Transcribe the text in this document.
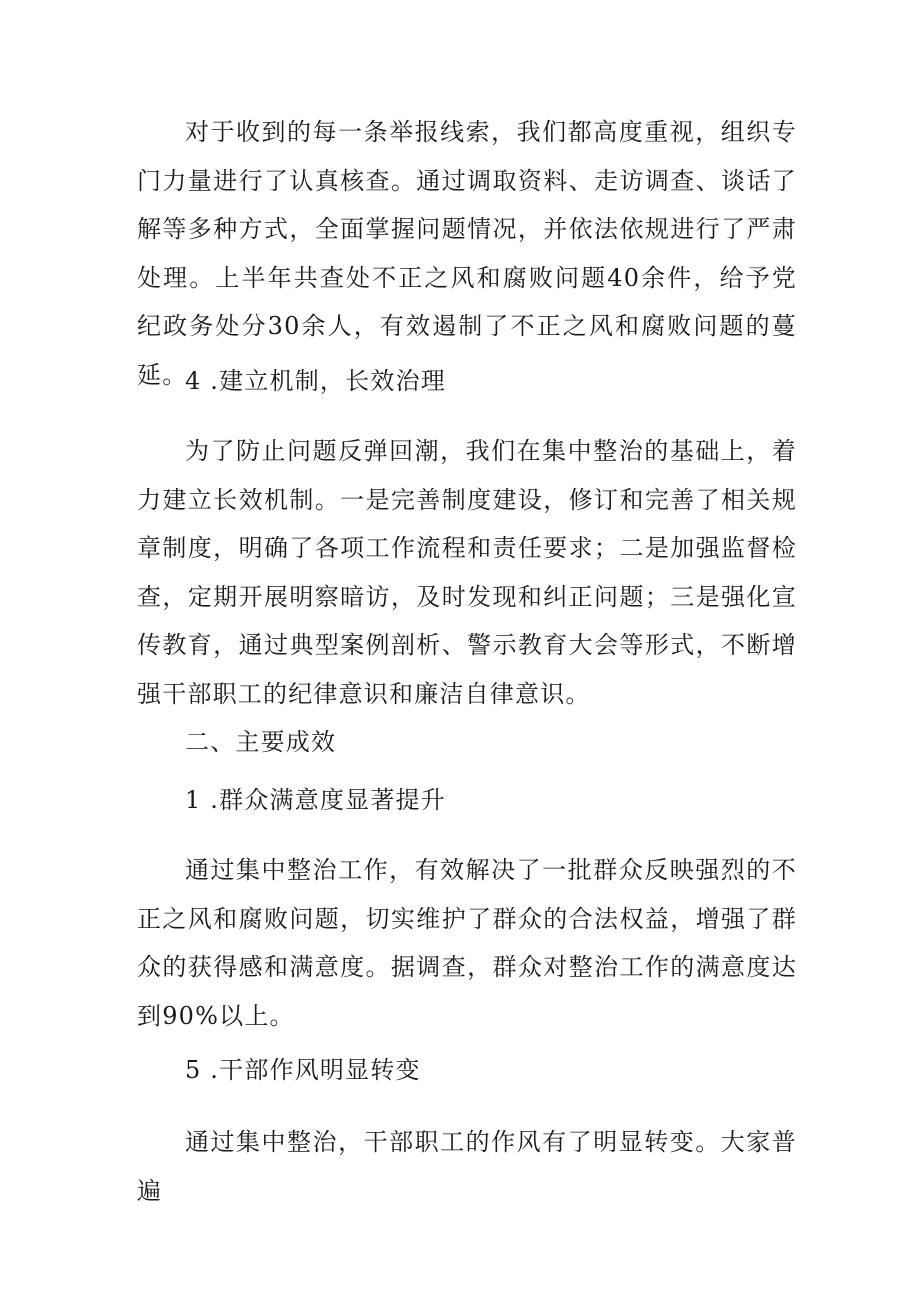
对于收到的每一条举报线索，我们都高度重视，组织专门力量进行了认真核查。通过调取资料、走访调查、谈话了解等多种方式，全面掌握问题情况，并依法依规进行了严肃处理。上半年共查处不正之风和腐败问题40余件，给予党纪政务处分30余人，有效遏制了不正之风和腐败问题的蔓延。

4 .建立机制，长效治理

为了防止问题反弹回潮，我们在集中整治的基础上，着力建立长效机制。一是完善制度建设，修订和完善了相关规章制度，明确了各项工作流程和责任要求；二是加强监督检查，定期开展明察暗访，及时发现和纠正问题；三是强化宣传教育，通过典型案例剖析、警示教育大会等形式，不断增强干部职工的纪律意识和廉洁自律意识。

二、主要成效

1 .群众满意度显著提升

通过集中整治工作，有效解决了一批群众反映强烈的不正之风和腐败问题，切实维护了群众的合法权益，增强了群众的获得感和满意度。据调查，群众对整治工作的满意度达到90%以上。

5 .干部作风明显转变

通过集中整治，干部职工的作风有了明显转变。大家普遍
